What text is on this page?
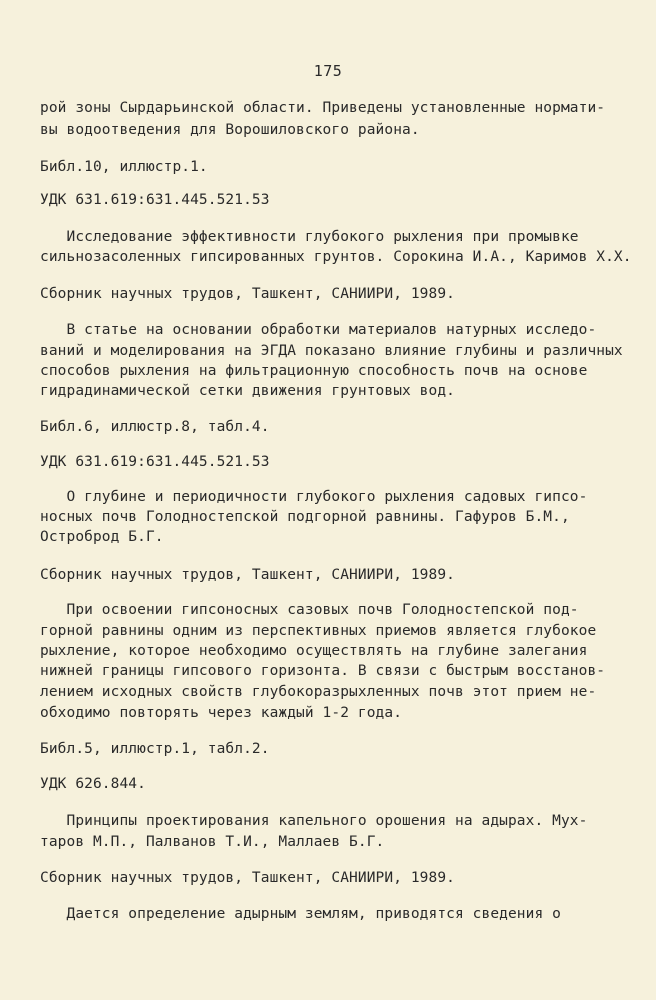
175
рой зоны Сырдарьинской области. Приведены установленные нормати-
вы водоотведения для Ворошиловского района.
Библ.10, иллюстр.1.
УДК 631.619:631.445.521.53
Исследование эффективности глубокого рыхления при промывке
сильнозасоленных гипсированных грунтов. Сорокина И.А., Каримов Х.Х.
Сборник научных трудов, Ташкент, САНИИРИ, 1989.
В статье на основании обработки материалов натурных исследо-
ваний и моделирования на ЭГДА показано влияние глубины и различных
способов рыхления на фильтрационную способность почв на основе
гидрадинамической сетки движения грунтовых вод.
Библ.6, иллюстр.8, табл.4.
УДК 631.619:631.445.521.53
О глубине и периодичности глубокого рыхления садовых гипсо-
носных почв Голодностепской подгорной равнины. Гафуров Б.М.,
Остроброд Б.Г.
Сборник научных трудов, Ташкент, САНИИРИ, 1989.
При освоении гипсоносных сазовых почв Голодностепской под-
горной равнины одним из перспективных приемов является глубокое
рыхление, которое необходимо осуществлять на глубине залегания
нижней границы гипсового горизонта. В связи с быстрым восстанов-
лением исходных свойств глубокоразрыхленных почв этот прием не-
обходимо повторять через каждый 1-2 года.
Библ.5, иллюстр.1, табл.2.
УДК 626.844.
Принципы проектирования капельного орошения на адырах. Мух-
таров М.П., Палванов Т.И., Маллаев Б.Г.
Сборник научных трудов, Ташкент, САНИИРИ, 1989.
Дается определение адырным землям, приводятся сведения о
